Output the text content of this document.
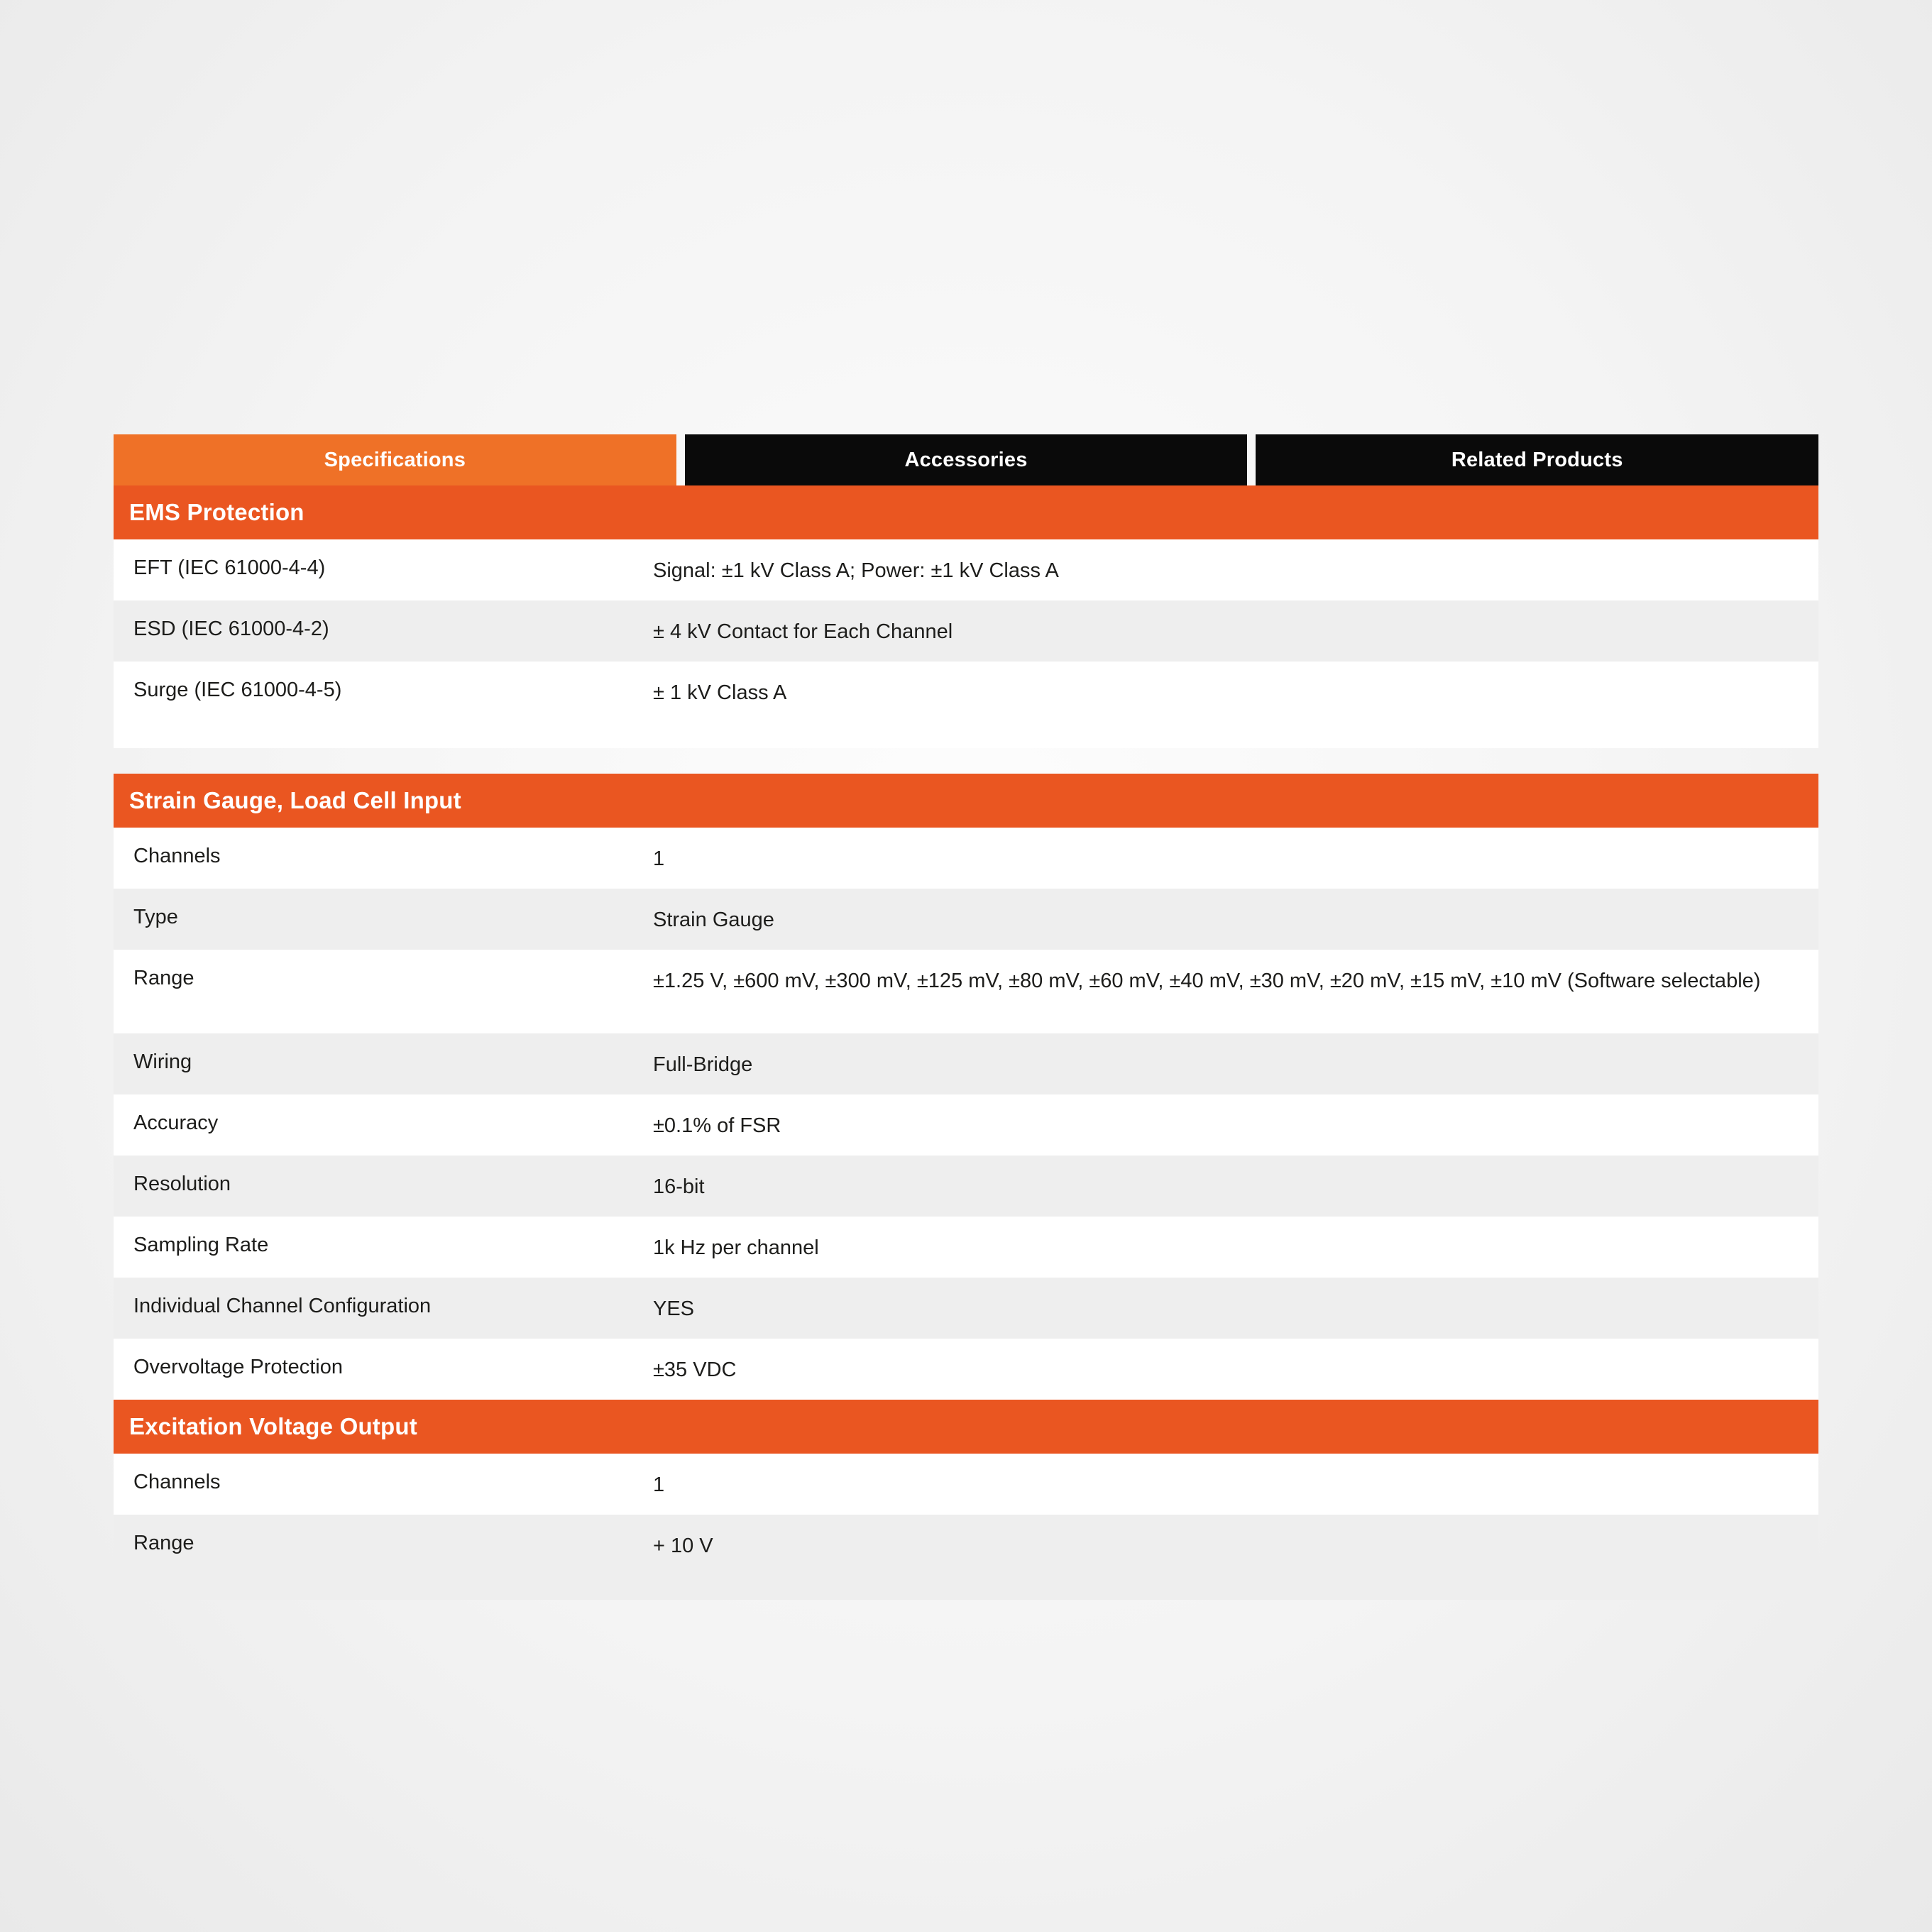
Specifications	Accessories	Related Products
EMS Protection
EFT (IEC 61000-4-4)	Signal: ±1 kV Class A; Power: ±1 kV Class A
ESD (IEC 61000-4-2)	± 4 kV Contact for Each Channel
Surge (IEC 61000-4-5)	± 1 kV Class A
Strain Gauge, Load Cell Input
Channels	1
Type	Strain Gauge
Range	±1.25 V, ±600 mV, ±300 mV, ±125 mV, ±80 mV, ±60 mV, ±40 mV, ±30 mV, ±20 mV, ±15 mV, ±10 mV (Software selectable)
Wiring	Full-Bridge
Accuracy	±0.1% of FSR
Resolution	16-bit
Sampling Rate	1k Hz per channel
Individual Channel Configuration	YES
Overvoltage Protection	±35 VDC
Excitation Voltage Output
Channels	1
Range	+ 10 V
